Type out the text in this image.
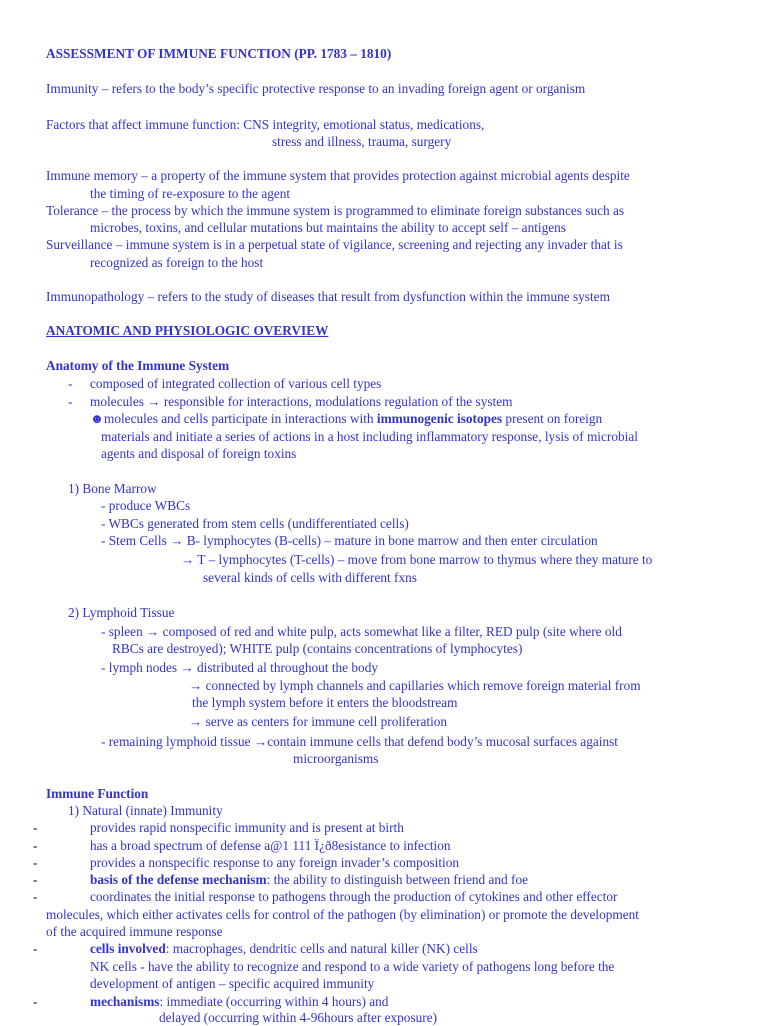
ASSESSMENT OF IMMUNE FUNCTION (PP. 1783 – 1810)
Immunity – refers to the body’s specific protective response to an invading foreign agent or organism
Factors that affect immune function: CNS integrity, emotional status, medications,
stress and illness, trauma, surgery
Immune memory – a property of the immune system that provides protection against microbial agents despite
the timing of re-exposure to the agent
Tolerance – the process by which the immune system is programmed to eliminate foreign substances such as
microbes, toxins, and cellular mutations but maintains the ability to accept self – antigens
Surveillance – immune system is in a perpetual state of vigilance, screening and rejecting any invader that is
recognized as foreign to the host
Immunopathology – refers to the study of diseases that result from dysfunction within the immune system
ANATOMIC AND PHYSIOLOGIC OVERVIEW
Anatomy of the Immune System
- composed of integrated collection of various cell types
- molecules → responsible for interactions, modulations regulation of the system
☻molecules and cells participate in interactions with immunogenic isotopes present on foreign
materials and initiate a series of actions in a host including inflammatory response, lysis of microbial
agents and disposal of foreign toxins
1) Bone Marrow
- produce WBCs
- WBCs generated from stem cells (undifferentiated cells)
- Stem Cells → B- lymphocytes (B-cells) – mature in bone marrow and then enter circulation
→ T – lymphocytes (T-cells) – move from bone marrow to thymus where they mature to
several kinds of cells with different fxns
2) Lymphoid Tissue
- spleen → composed of red and white pulp, acts somewhat like a filter, RED pulp (site where old
RBCs are destroyed); WHITE pulp (contains concentrations of lymphocytes)
- lymph nodes → distributed al throughout the body
→ connected by lymph channels and capillaries which remove foreign material from
the lymph system before it enters the bloodstream
→ serve as centers for immune cell proliferation
- remaining lymphoid tissue →contain immune cells that defend body’s mucosal surfaces against
microorganisms
Immune Function
1) Natural (innate) Immunity
-	provides rapid nonspecific immunity and is present at birth
-	has a broad spectrum of defense a@1 111 Ï¿ð8esistance to infection
-	provides a nonspecific response to any foreign invader’s composition
-	basis of the defense mechanism: the ability to distinguish between friend and foe
-	coordinates the initial response to pathogens through the production of cytokines and other effector
molecules, which either activates cells for control of the pathogen (by elimination) or promote the development
of the acquired immune response
-	cells involved: macrophages, dendritic cells and natural killer (NK) cells
NK cells - have the ability to recognize and respond to a wide variety of pathogens long before the
development of antigen – specific acquired immunity
-	mechanisms: immediate (occurring within 4 hours) and
delayed (occurring within 4-96hours after exposure)
